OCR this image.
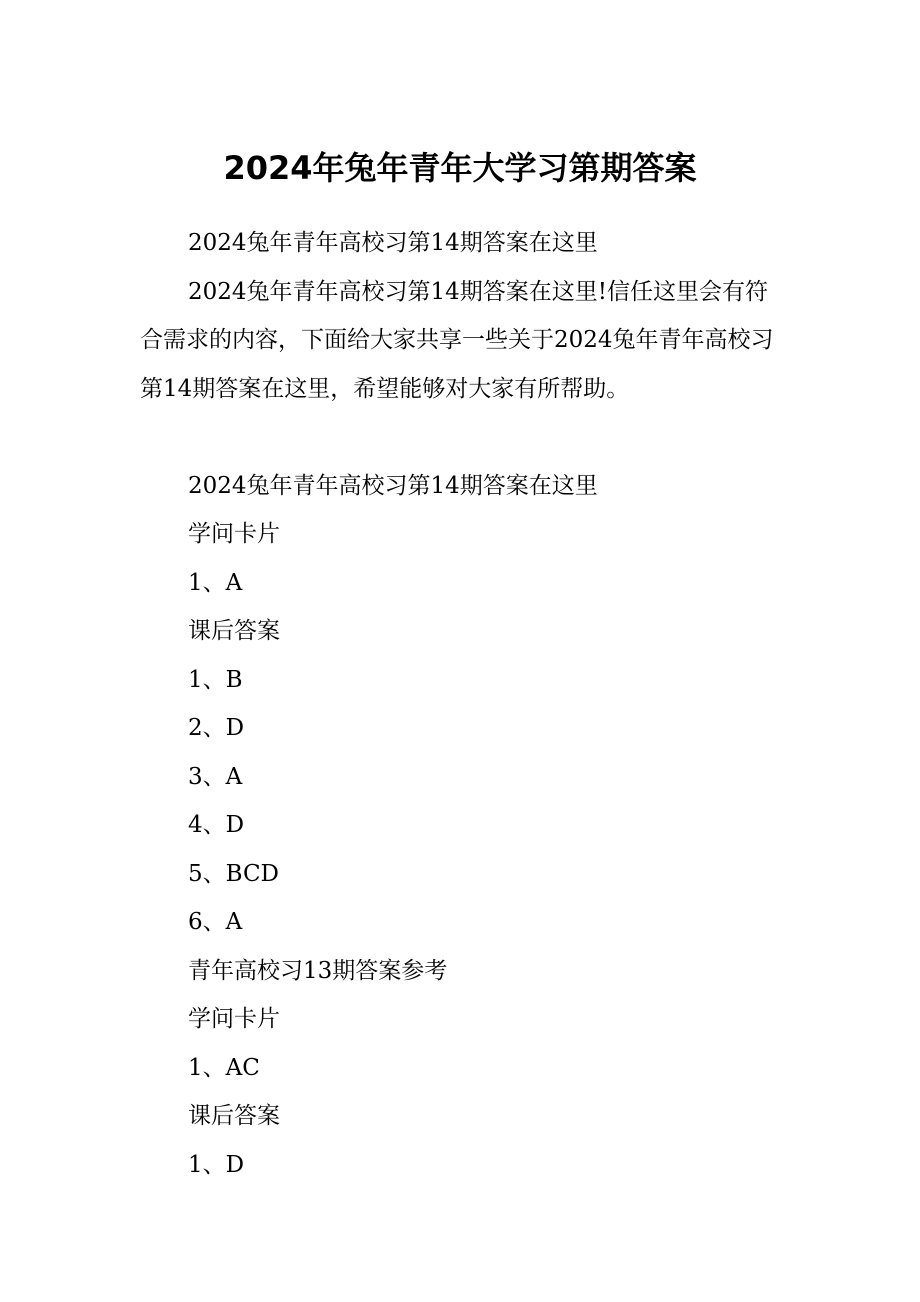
2024年兔年青年大学习第期答案

2024兔年青年高校习第14期答案在这里

2024兔年青年高校习第14期答案在这里!信任这里会有符合需求的内容，下面给大家共享一些关于2024兔年青年高校习第14期答案在这里，希望能够对大家有所帮助。

2024兔年青年高校习第14期答案在这里

学问卡片

1、A

课后答案

1、B

2、D

3、A

4、D

5、BCD

6、A

青年高校习13期答案参考

学问卡片

1、AC

课后答案

1、D
